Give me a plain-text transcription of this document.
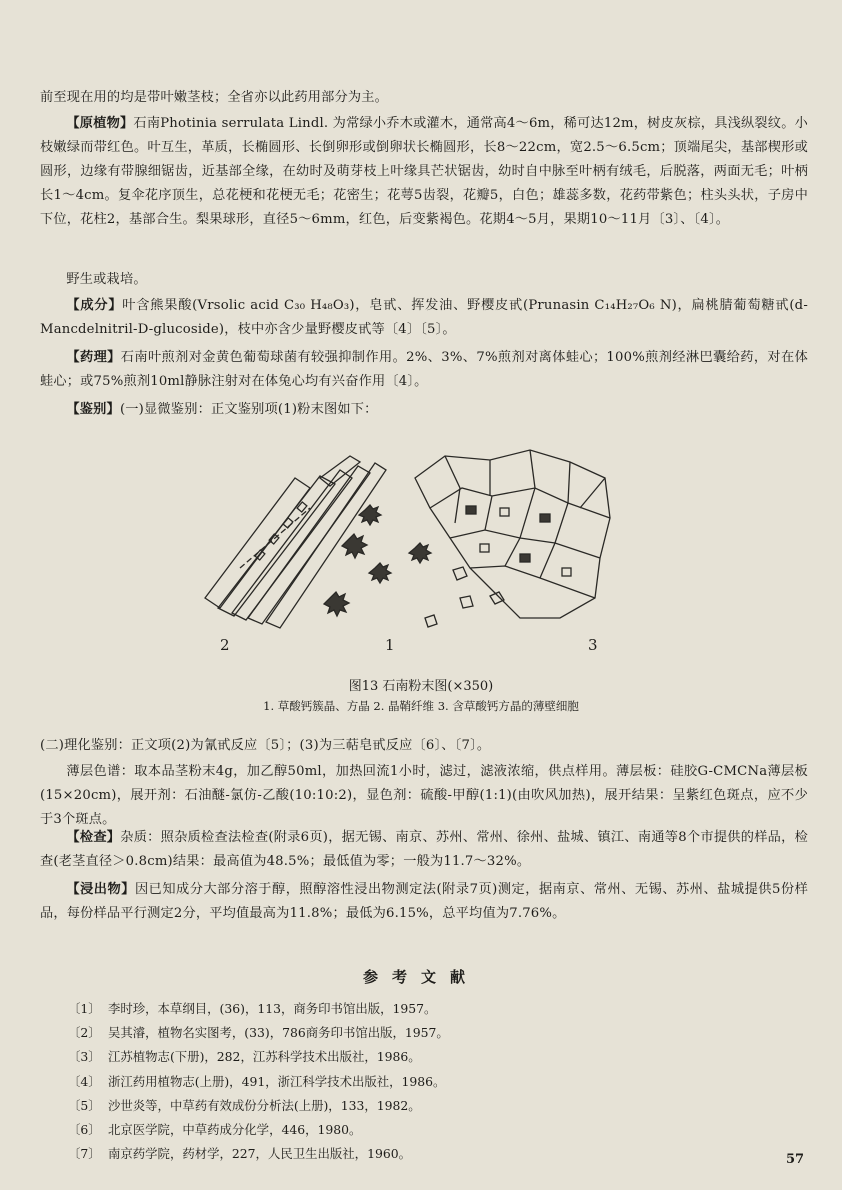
前至现在用的均是带叶嫩茎枝；全省亦以此药用部分为主。

【原植物】石南Photinia serrulata Lindl. 为常绿小乔木或灌木，通常高4～6m，稀可达12m，树皮灰棕，具浅纵裂纹。小枝嫩绿而带红色。叶互生，革质，长椭圆形、长倒卵形或倒卵状长椭圆形，长8～22cm，宽2.5～6.5cm；顶端尾尖，基部楔形或圆形，边缘有带腺细锯齿，近基部全缘，在幼时及萌芽枝上叶缘具芒状锯齿，幼时自中脉至叶柄有绒毛，后脱落，两面无毛；叶柄长1～4cm。复伞花序顶生，总花梗和花梗无毛；花密生；花萼5齿裂，花瓣5，白色；雄蕊多数，花药带紫色；柱头头状，子房中下位，花柱2，基部合生。梨果球形，直径5～6mm，红色，后变紫褐色。花期4～5月，果期10～11月〔3〕、〔4〕。

野生或栽培。

【成分】叶含熊果酸(Vrsolic acid C₃₀ H₄₈O₃)，皂甙、挥发油、野樱皮甙(Prunasin C₁₄H₂₇O₆ N)，扁桃腈葡萄糖甙(d-Mancdelnitril-D-glucoside)，枝中亦含少量野樱皮甙等〔4〕〔5〕。

【药理】石南叶煎剂对金黄色葡萄球菌有较强抑制作用。2%、3%、7%煎剂对离体蛙心；100%煎剂经淋巴囊给药，对在体蛙心；或75%煎剂10ml静脉注射对在体兔心均有兴奋作用〔4〕。

【鉴别】(一)显微鉴别：正文鉴别项(1)粉末图如下：

2	1	3

图13 石南粉末图(×350)

1. 草酸钙簇晶、方晶 2. 晶鞘纤维 3. 含草酸钙方晶的薄壁细胞

(二)理化鉴别：正文项(2)为氰甙反应〔5〕；(3)为三萜皂甙反应〔6〕、〔7〕。

薄层色谱：取本品茎粉末4g，加乙醇50ml，加热回流1小时，滤过，滤液浓缩，供点样用。薄层板：硅胶G-CMCNa薄层板(15×20cm)，展开剂：石油醚-氯仿-乙酸(10:10:2)，显色剂：硫酸-甲醇(1:1)(由吹风加热)，展开结果：呈紫红色斑点，应不少于3个斑点。

【检查】杂质：照杂质检查法检查(附录6页)，据无锡、南京、苏州、常州、徐州、盐城、镇江、南通等8个市提供的样品，检查(老茎直径＞0.8cm)结果：最高值为48.5%；最低值为零；一般为11.7～32%。

【浸出物】因已知成分大部分溶于醇，照醇溶性浸出物测定法(附录7页)测定，据南京、常州、无锡、苏州、盐城提供5份样品，每份样品平行测定2分，平均值最高为11.8%；最低为6.15%，总平均值为7.76%。

参考文献

〔1〕 李时珍，本草纲目，(36)，113，商务印书馆出版，1957。
〔2〕 吴其濬，植物名实图考，(33)，786商务印书馆出版，1957。
〔3〕 江苏植物志(下册)，282，江苏科学技术出版社，1986。
〔4〕 浙江药用植物志(上册)，491，浙江科学技术出版社，1986。
〔5〕 沙世炎等，中草药有效成份分析法(上册)，133，1982。
〔6〕 北京医学院，中草药成分化学，446，1980。
〔7〕 南京药学院，药材学，227，人民卫生出版社，1960。	57
